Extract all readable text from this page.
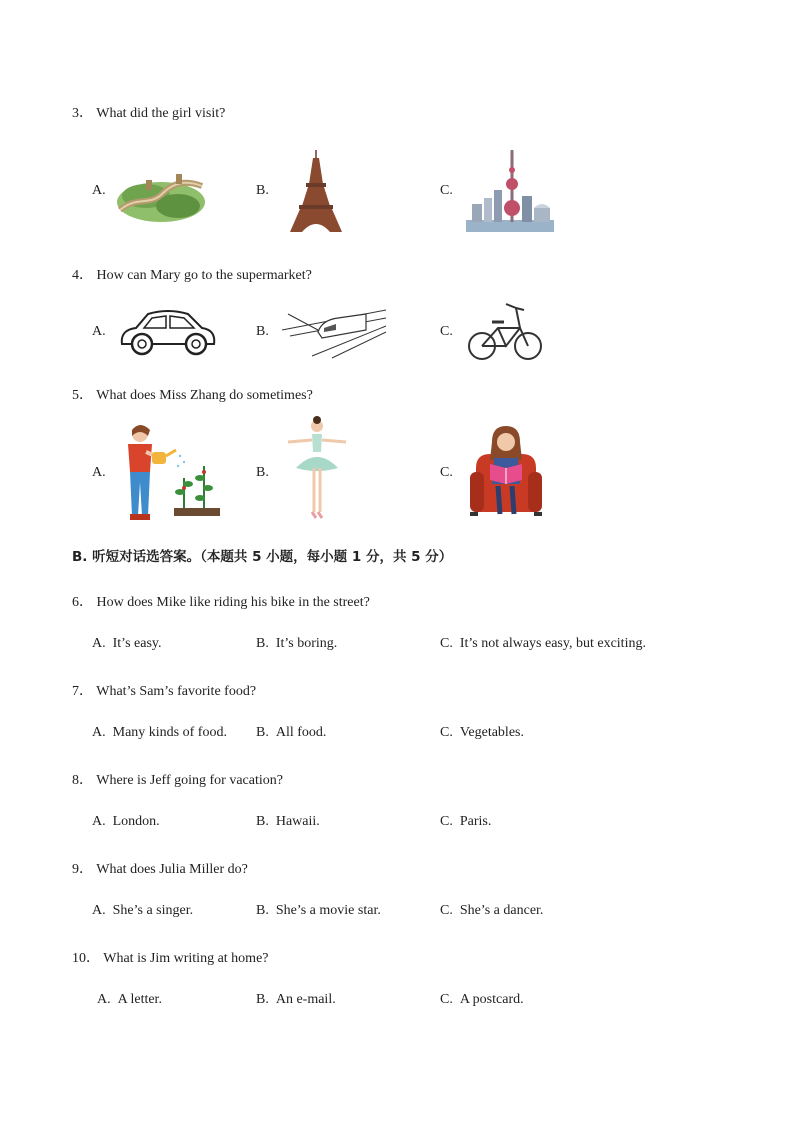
3． What did the girl visit?
A.	B.	C.
4． How can Mary go to the supermarket?
A.	B.	C.
5． What does Miss Zhang do sometimes?
A.	B.	C.
B. 听短对话选答案。（本题共 5 小题，每小题 1 分，共 5 分）
6． How does Mike like riding his bike in the street?
A. It’s easy.	B. It’s boring.	C. It’s not always easy, but exciting.
7． What’s Sam’s favorite food?
A. Many kinds of food. B. All food.	C. Vegetables.
8． Where is Jeff going for vacation?
A. London.	B. Hawaii.	C. Paris.
9． What does Julia Miller do?
A. She’s a singer.	B. She’s a movie star.	C. She’s a dancer.
10． What is Jim writing at home?
A. A letter.	B. An e-mail.	C. A postcard.
